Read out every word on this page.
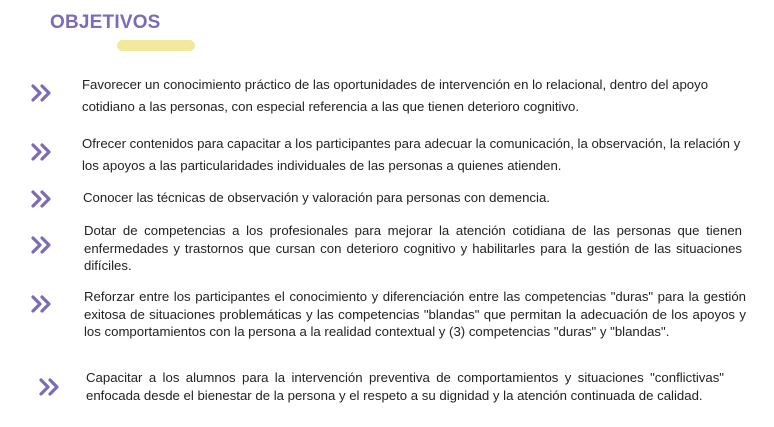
OBJETIVOS
Favorecer un conocimiento práctico de las oportunidades de intervención en lo relacional, dentro del apoyo cotidiano a las personas, con especial referencia a las que tienen deterioro cognitivo.
Ofrecer contenidos para capacitar a los participantes para adecuar la comunicación, la observación, la relación y los apoyos a las particularidades individuales de las personas a quienes atienden.
Conocer las técnicas de observación y valoración para personas con demencia.
Dotar de competencias a los profesionales para mejorar la atención cotidiana de las personas que tienen enfermedades y trastornos que cursan con deterioro cognitivo y habilitarles para la gestión de las situaciones difíciles.
Reforzar entre los participantes el conocimiento y diferenciación entre las competencias "duras" para la gestión exitosa de situaciones problemáticas y las competencias "blandas" que permitan la adecuación de los apoyos y los comportamientos con la persona a la realidad contextual y (3) competencias "duras" y "blandas".
Capacitar a los alumnos para la intervención preventiva de comportamientos y situaciones "conflictivas" enfocada desde el bienestar de la persona y el respeto a su dignidad y la atención continuada de calidad.
